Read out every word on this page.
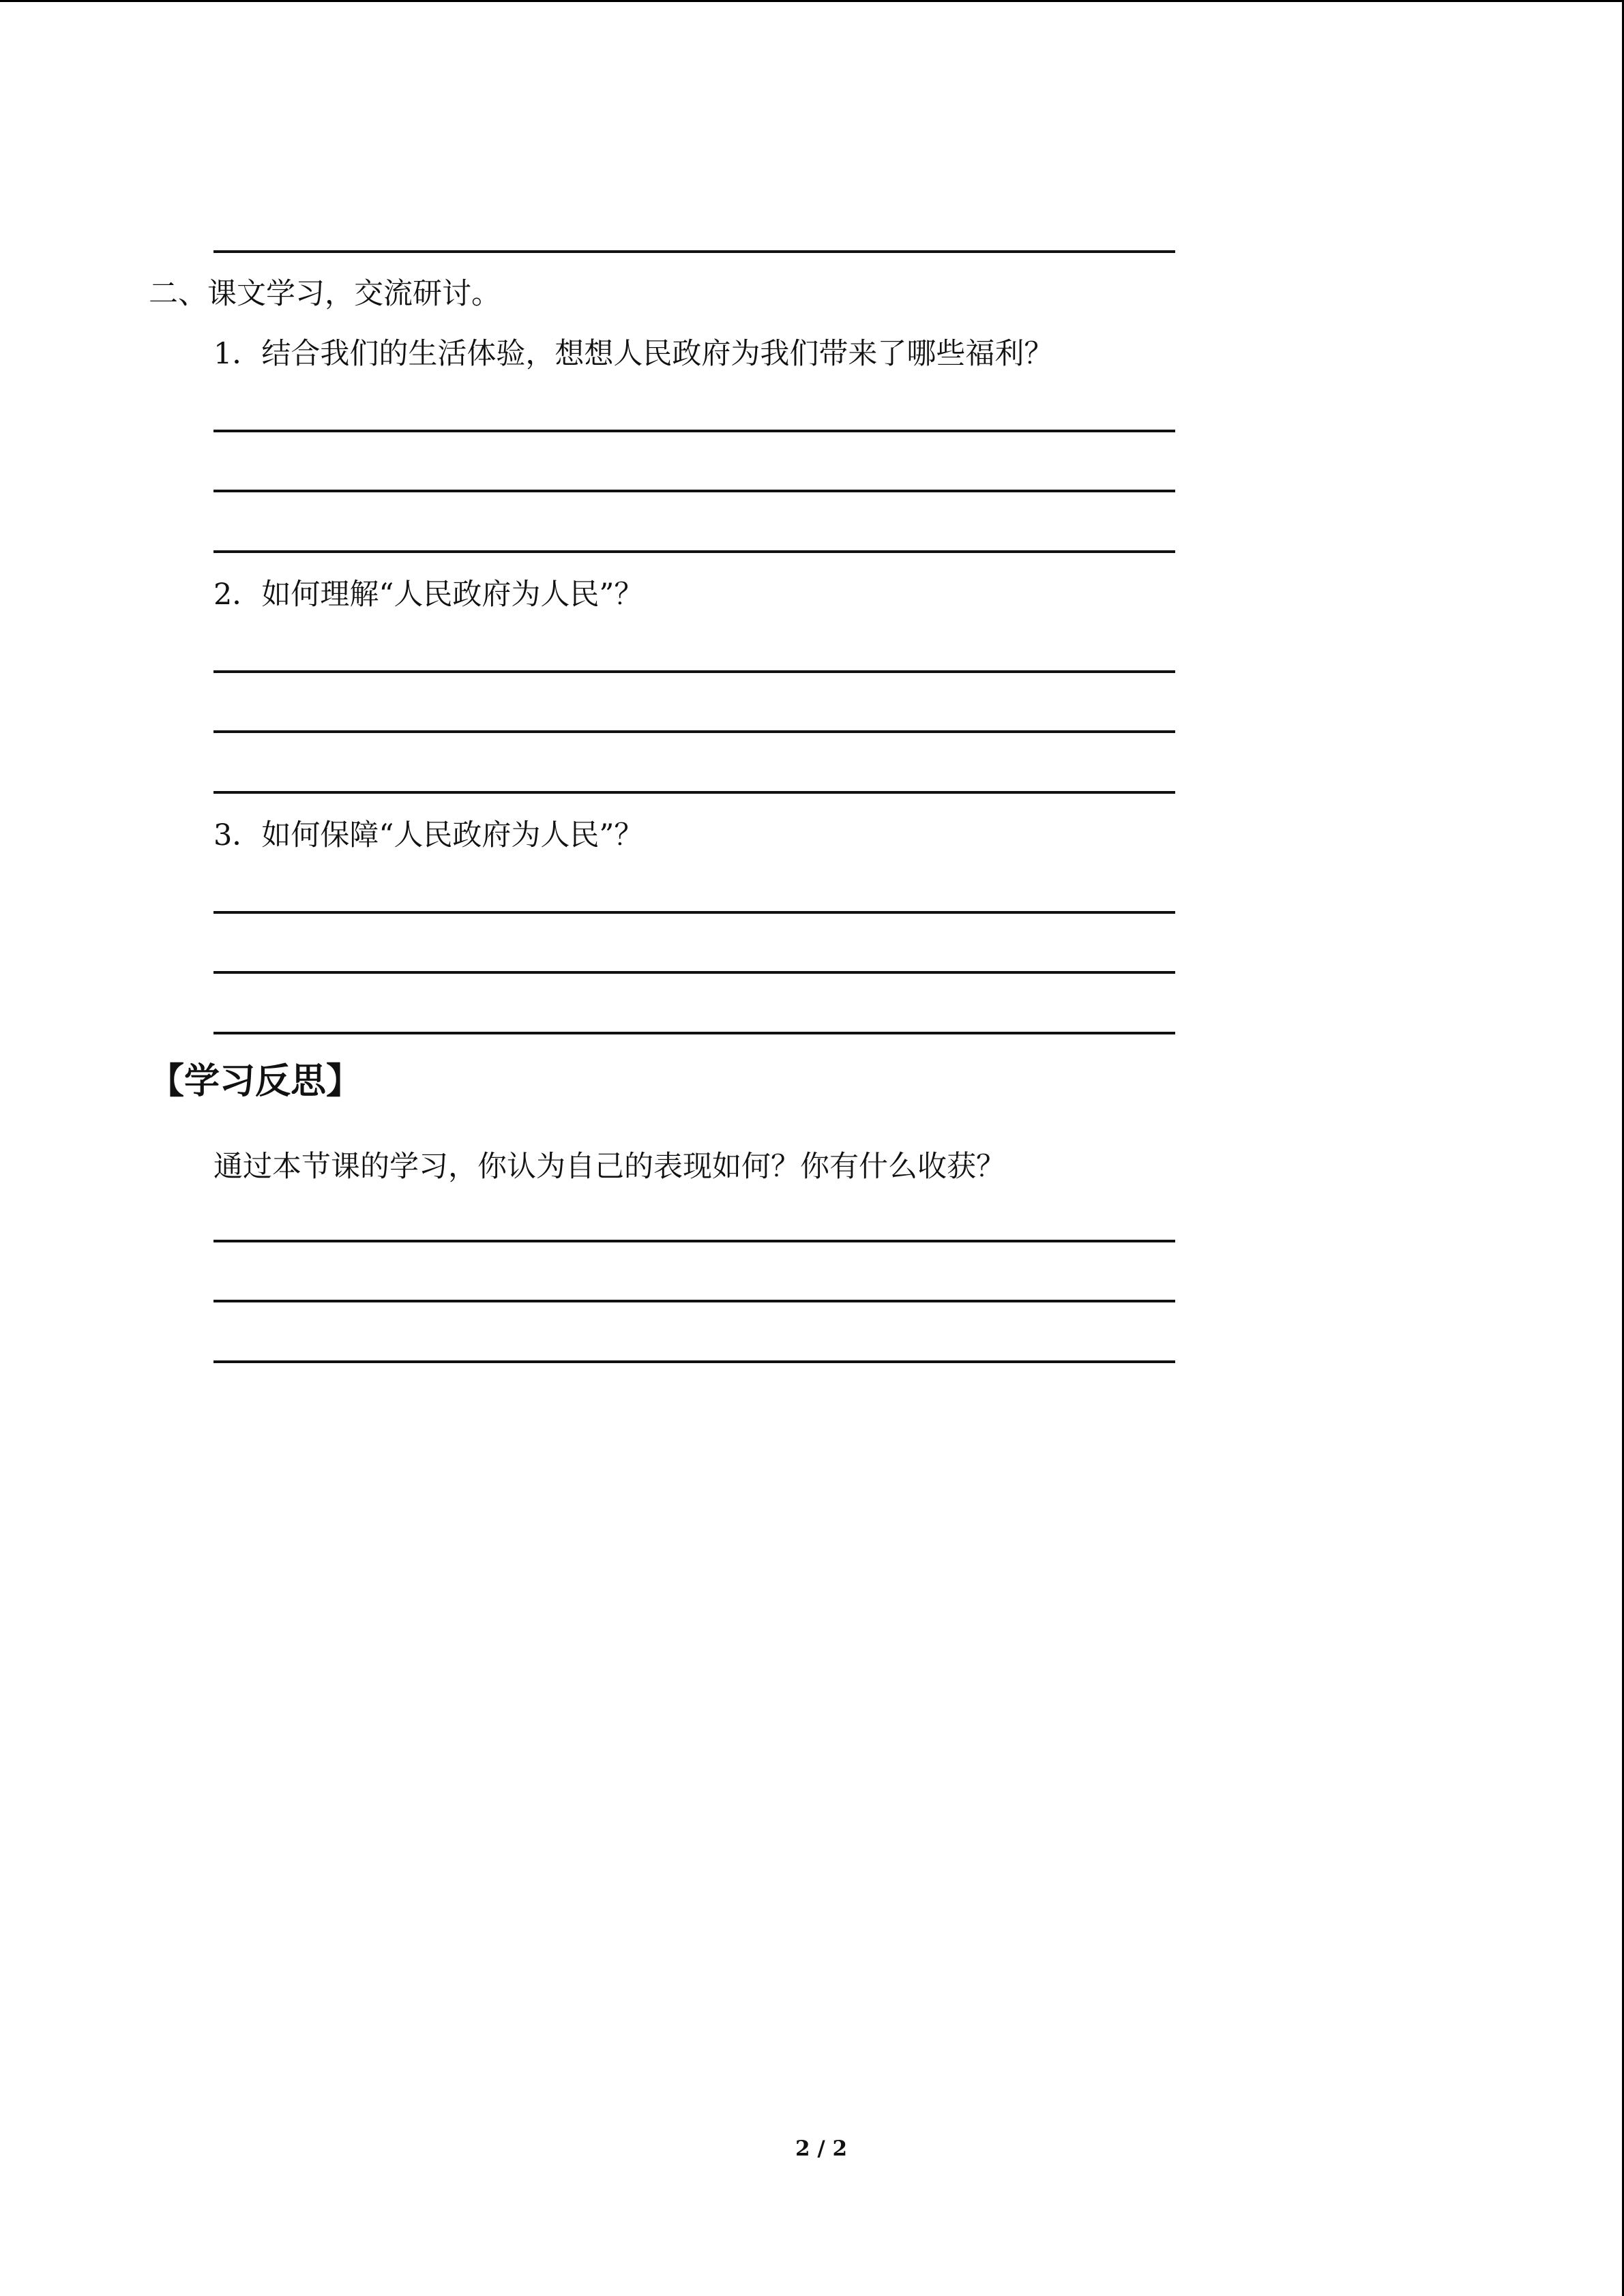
二、课文学习，交流研讨。
1．结合我们的生活体验，想想人民政府为我们带来了哪些福利？
2．如何理解“人民政府为人民”？
3．如何保障“人民政府为人民”？
【学习反思】
通过本节课的学习，你认为自己的表现如何？你有什么收获？
2 / 2
